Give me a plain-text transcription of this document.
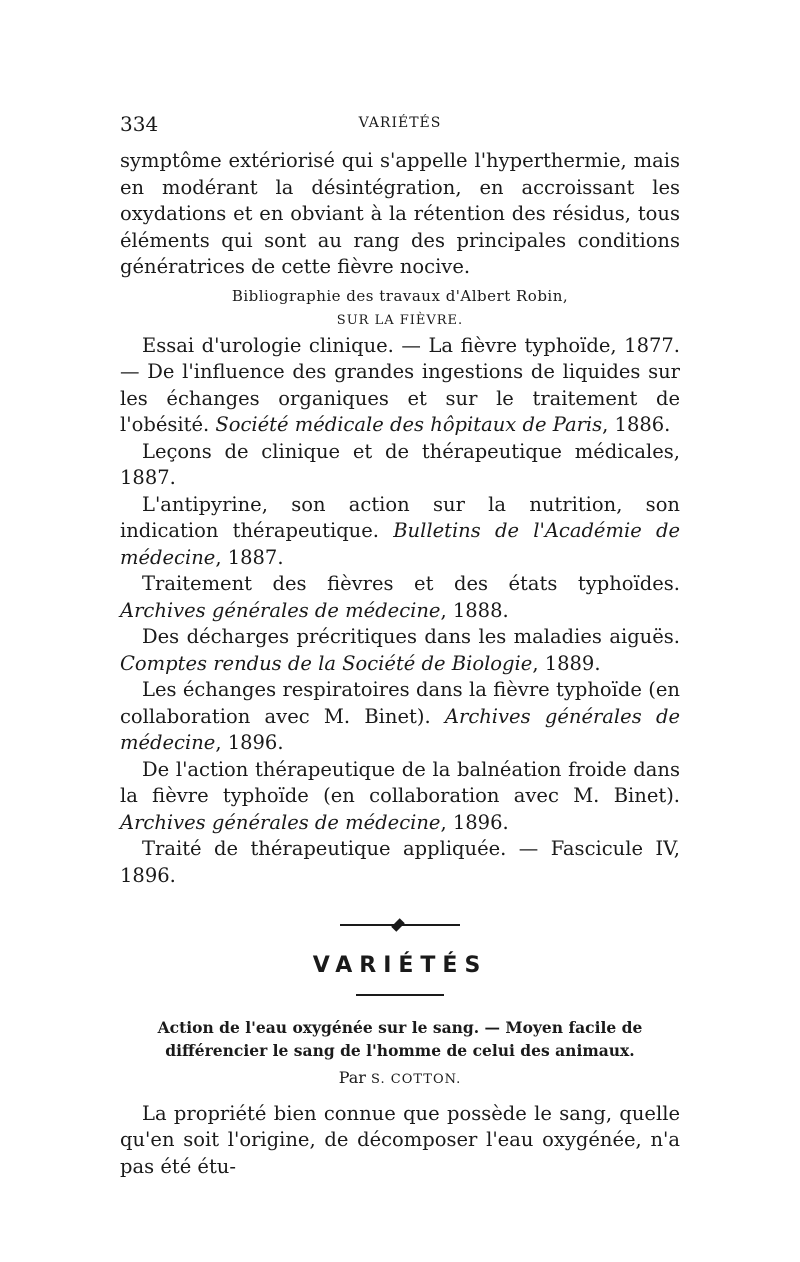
334	VARIÉTÉS

symptôme extériorisé qui s'appelle l'hyperthermie, mais en modérant la désintégration, en accroissant les oxydations et en obviant à la rétention des résidus, tous éléments qui sont au rang des principales conditions génératrices de cette fièvre nocive.

Bibliographie des travaux d'Albert Robin,
SUR LA FIÈVRE.

Essai d'urologie clinique. — La fièvre typhoïde, 1877. — De l'influence des grandes ingestions de liquides sur les échanges organiques et sur le traitement de l'obésité. Société médicale des hôpitaux de Paris, 1886.

Leçons de clinique et de thérapeutique médicales, 1887.

L'antipyrine, son action sur la nutrition, son indication thérapeutique. Bulletins de l'Académie de médecine, 1887.

Traitement des fièvres et des états typhoïdes. Archives générales de médecine, 1888.

Des décharges précritiques dans les maladies aiguës. Comptes rendus de la Société de Biologie, 1889.

Les échanges respiratoires dans la fièvre typhoïde (en collaboration avec M. Binet). Archives générales de médecine, 1896.

De l'action thérapeutique de la balnéation froide dans la fièvre typhoïde (en collaboration avec M. Binet). Archives générales de médecine, 1896.

Traité de thérapeutique appliquée. — Fascicule IV, 1896.

VARIÉTÉS
Action de l'eau oxygénée sur le sang. — Moyen facile de différencier le sang de l'homme de celui des animaux.
Par S. COTTON.

La propriété bien connue que possède le sang, quelle qu'en soit l'origine, de décomposer l'eau oxygénée, n'a pas été étu-
